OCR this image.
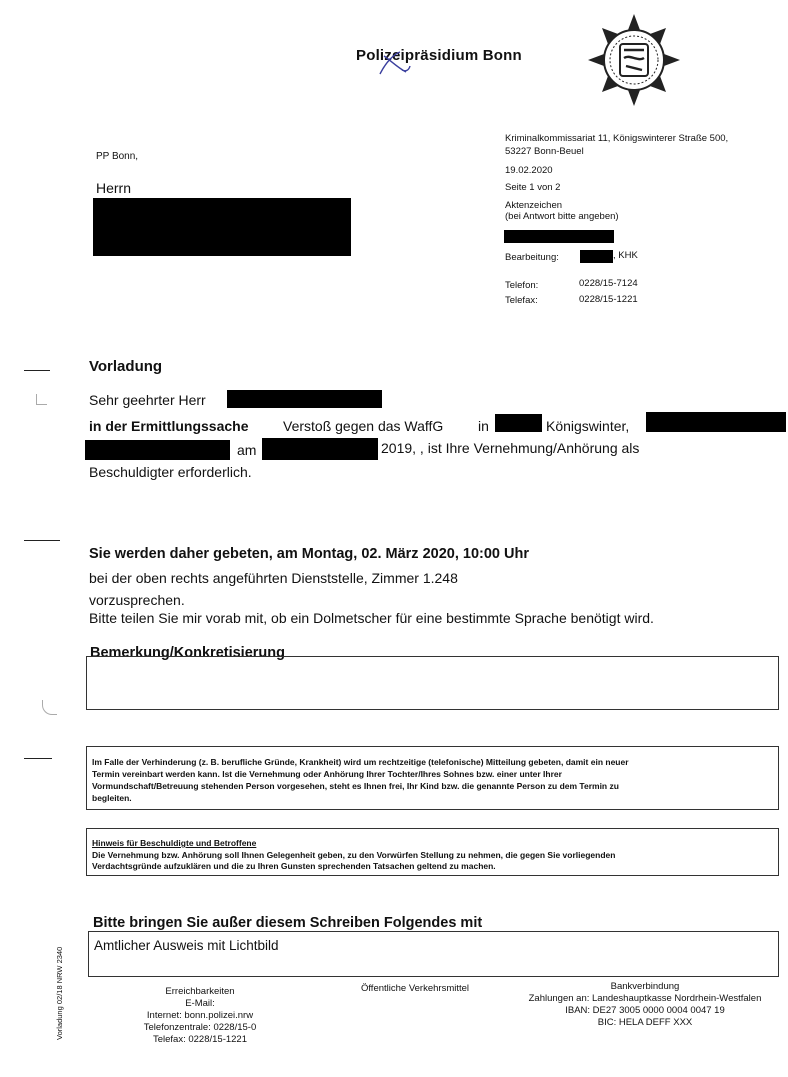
Polizeipräsidium Bonn
PP Bonn,
Herrn
Kriminalkommissariat 11, Königswinterer Straße 500,
53227 Bonn-Beuel
19.02.2020
Seite 1 von 2
Aktenzeichen
(bei Antwort bitte angeben)
Bearbeitung:	, KHK
Telefon:	0228/15-7124
Telefax:	0228/15-1221
Vorladung
Sehr geehrter Herr
in der Ermittlungssache Verstoß gegen das WaffG in	Königswinter,
am	2019, , ist Ihre Vernehmung/Anhörung als
Beschuldigter erforderlich.
Sie werden daher gebeten, am Montag, 02. März 2020, 10:00 Uhr
bei der oben rechts angeführten Dienststelle, Zimmer 1.248
vorzusprechen.
Bitte teilen Sie mir vorab mit, ob ein Dolmetscher für eine bestimmte Sprache benötigt wird.
Bemerkung/Konkretisierung
Im Falle der Verhinderung (z. B. berufliche Gründe, Krankheit) wird um rechtzeitige (telefonische) Mitteilung gebeten, damit ein neuer
Termin vereinbart werden kann. Ist die Vernehmung oder Anhörung Ihrer Tochter/Ihres Sohnes bzw. einer unter Ihrer
Vormundschaft/Betreuung stehenden Person vorgesehen, steht es Ihnen frei, Ihr Kind bzw. die genannte Person zu dem Termin zu
begleiten.
Hinweis für Beschuldigte und Betroffene
Die Vernehmung bzw. Anhörung soll Ihnen Gelegenheit geben, zu den Vorwürfen Stellung zu nehmen, die gegen Sie vorliegenden
Verdachtsgründe aufzuklären und die zu Ihren Gunsten sprechenden Tatsachen geltend zu machen.
Bitte bringen Sie außer diesem Schreiben Folgendes mit
Amtlicher Ausweis mit Lichtbild
Vorladung 02/18 NRW 2340	Erreichbarkeiten
E-Mail:
Internet: bonn.polizei.nrw
Telefonzentrale: 0228/15-0
Telefax: 0228/15-1221
Öffentliche Verkehrsmittel	Bankverbindung
Zahlungen an: Landeshauptkasse Nordrhein-Westfalen
IBAN: DE27 3005 0000 0004 0047 19
BIC: HELA DEFF XXX
